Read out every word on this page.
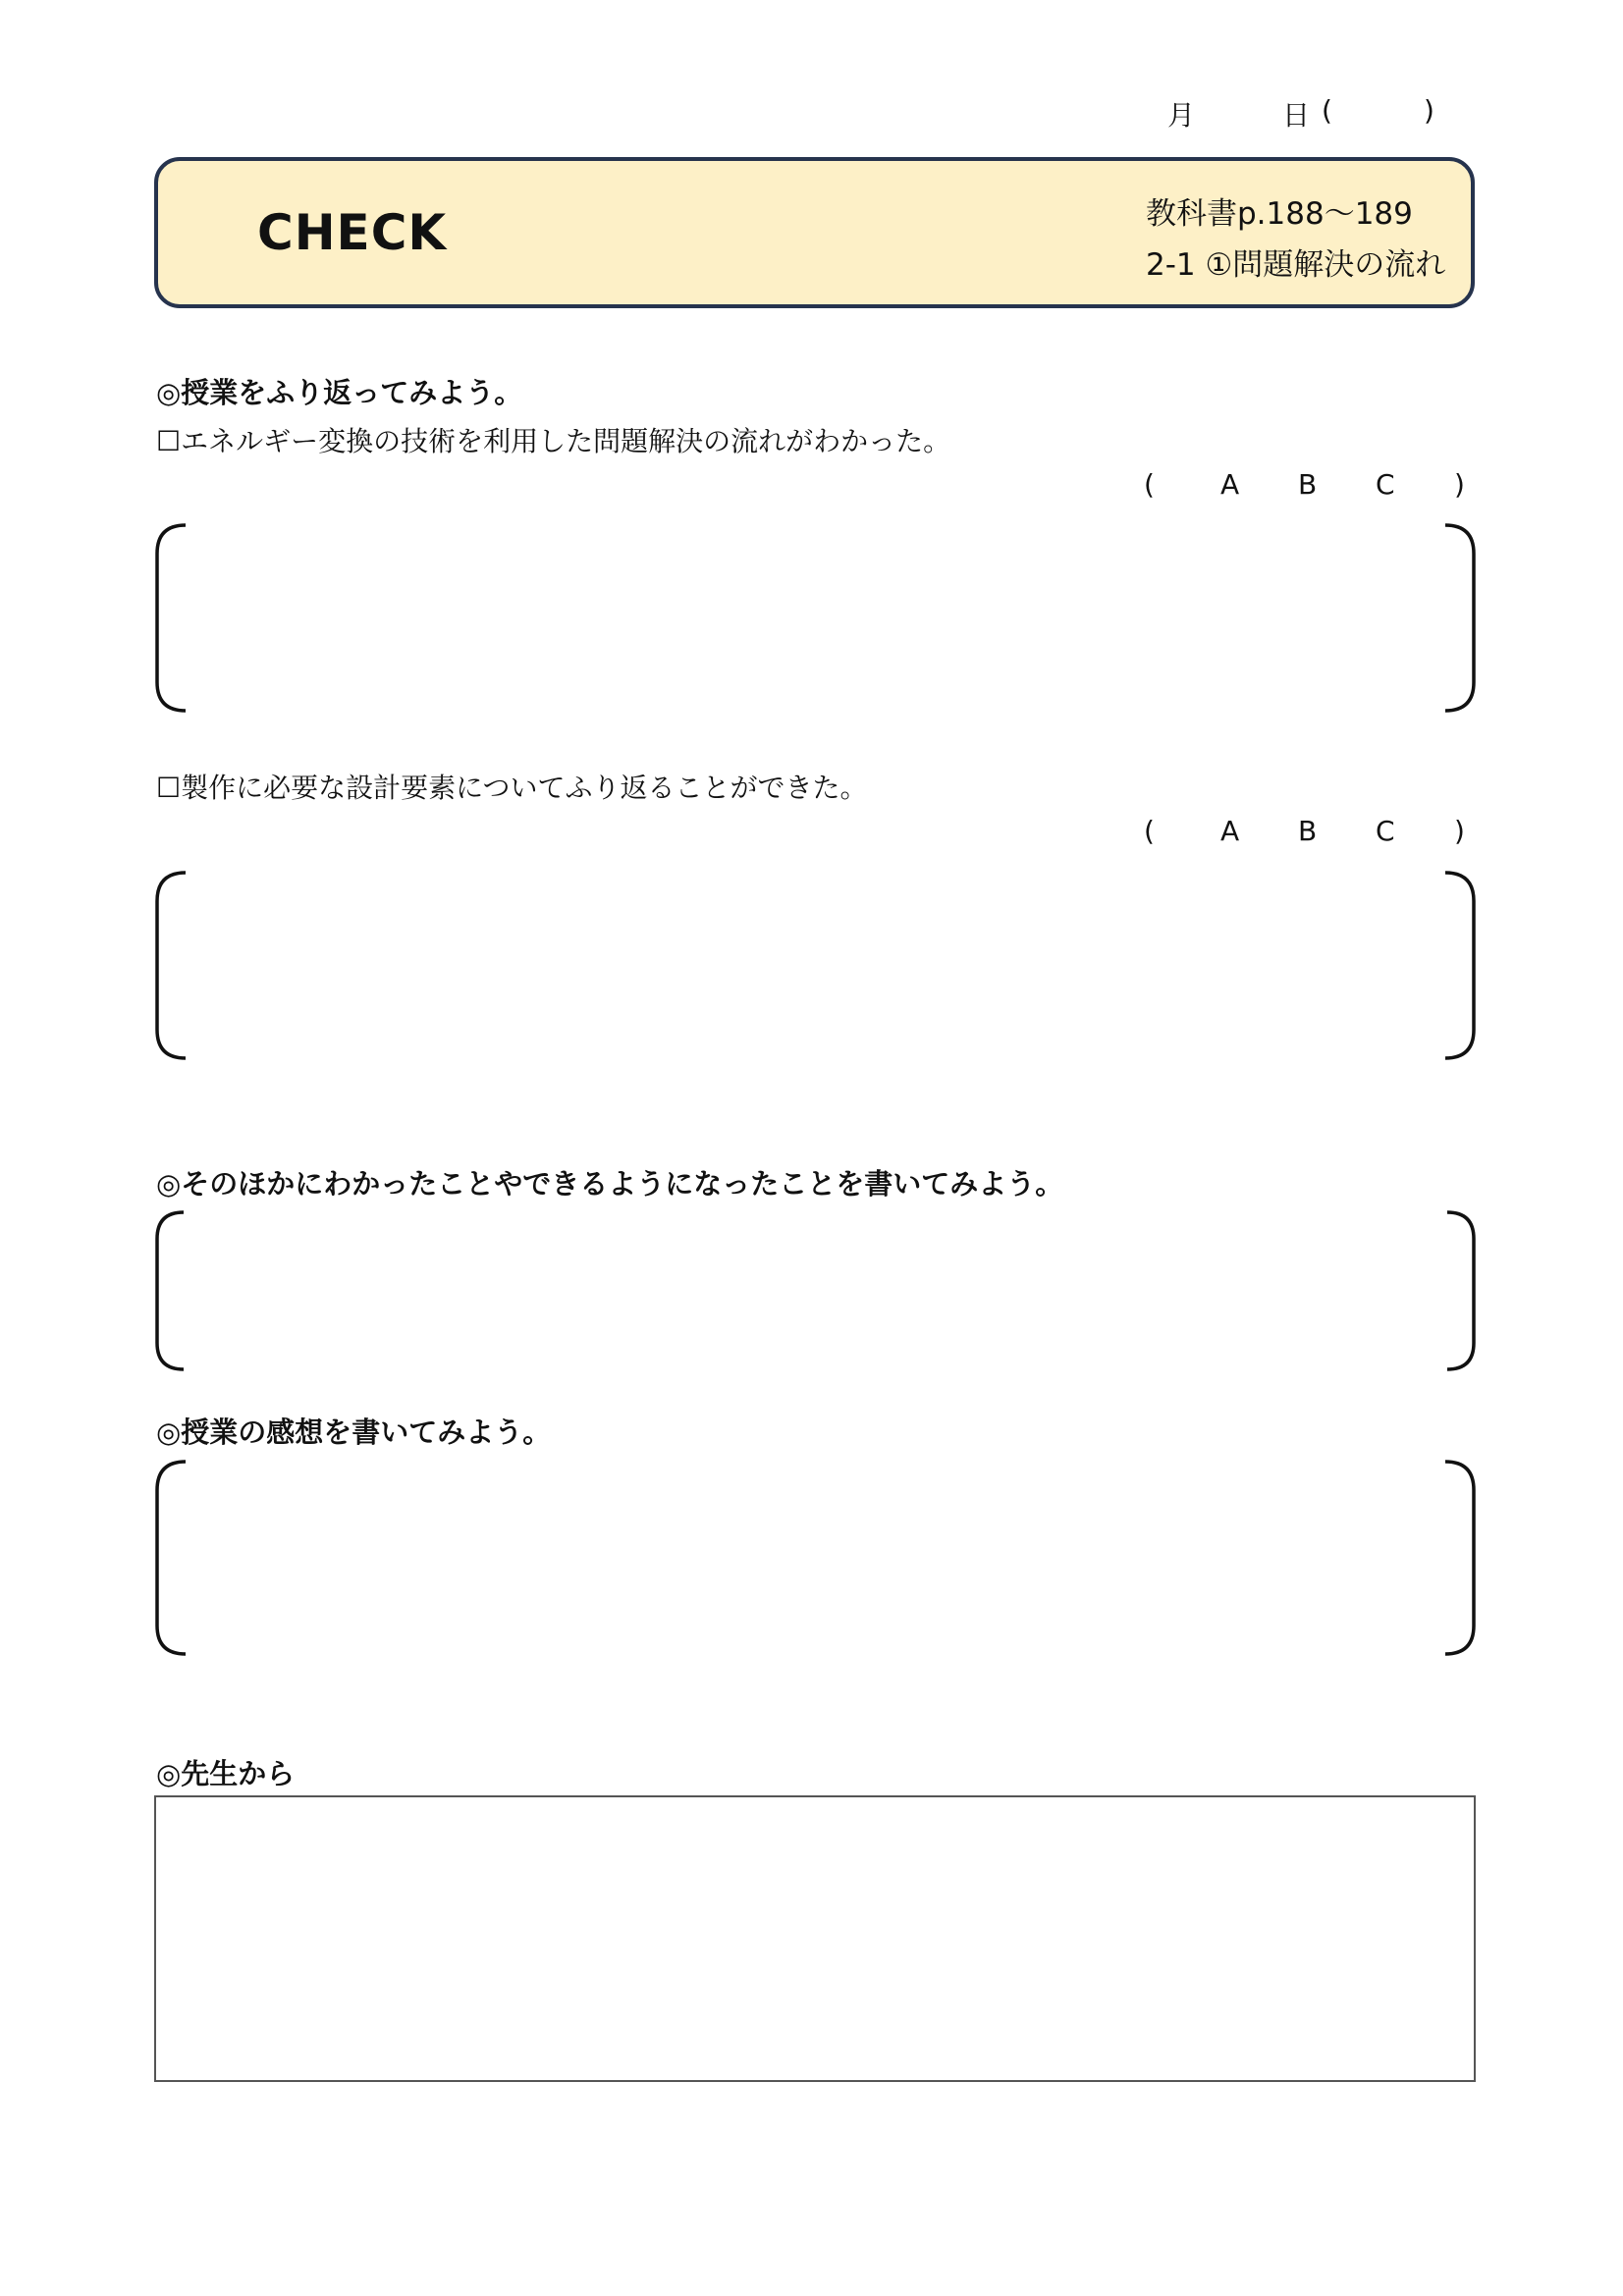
月	日 (	)
CHECK	教科書p.188～189
2-1 ①問題解決の流れ
◎授業をふり返ってみよう。
☐エネルギー変換の技術を利用した問題解決の流れがわかった。
( A B C )
☐製作に必要な設計要素についてふり返ることができた。
( A B C )
◎そのほかにわかったことやできるようになったことを書いてみよう。
◎授業の感想を書いてみよう。
◎先生から
